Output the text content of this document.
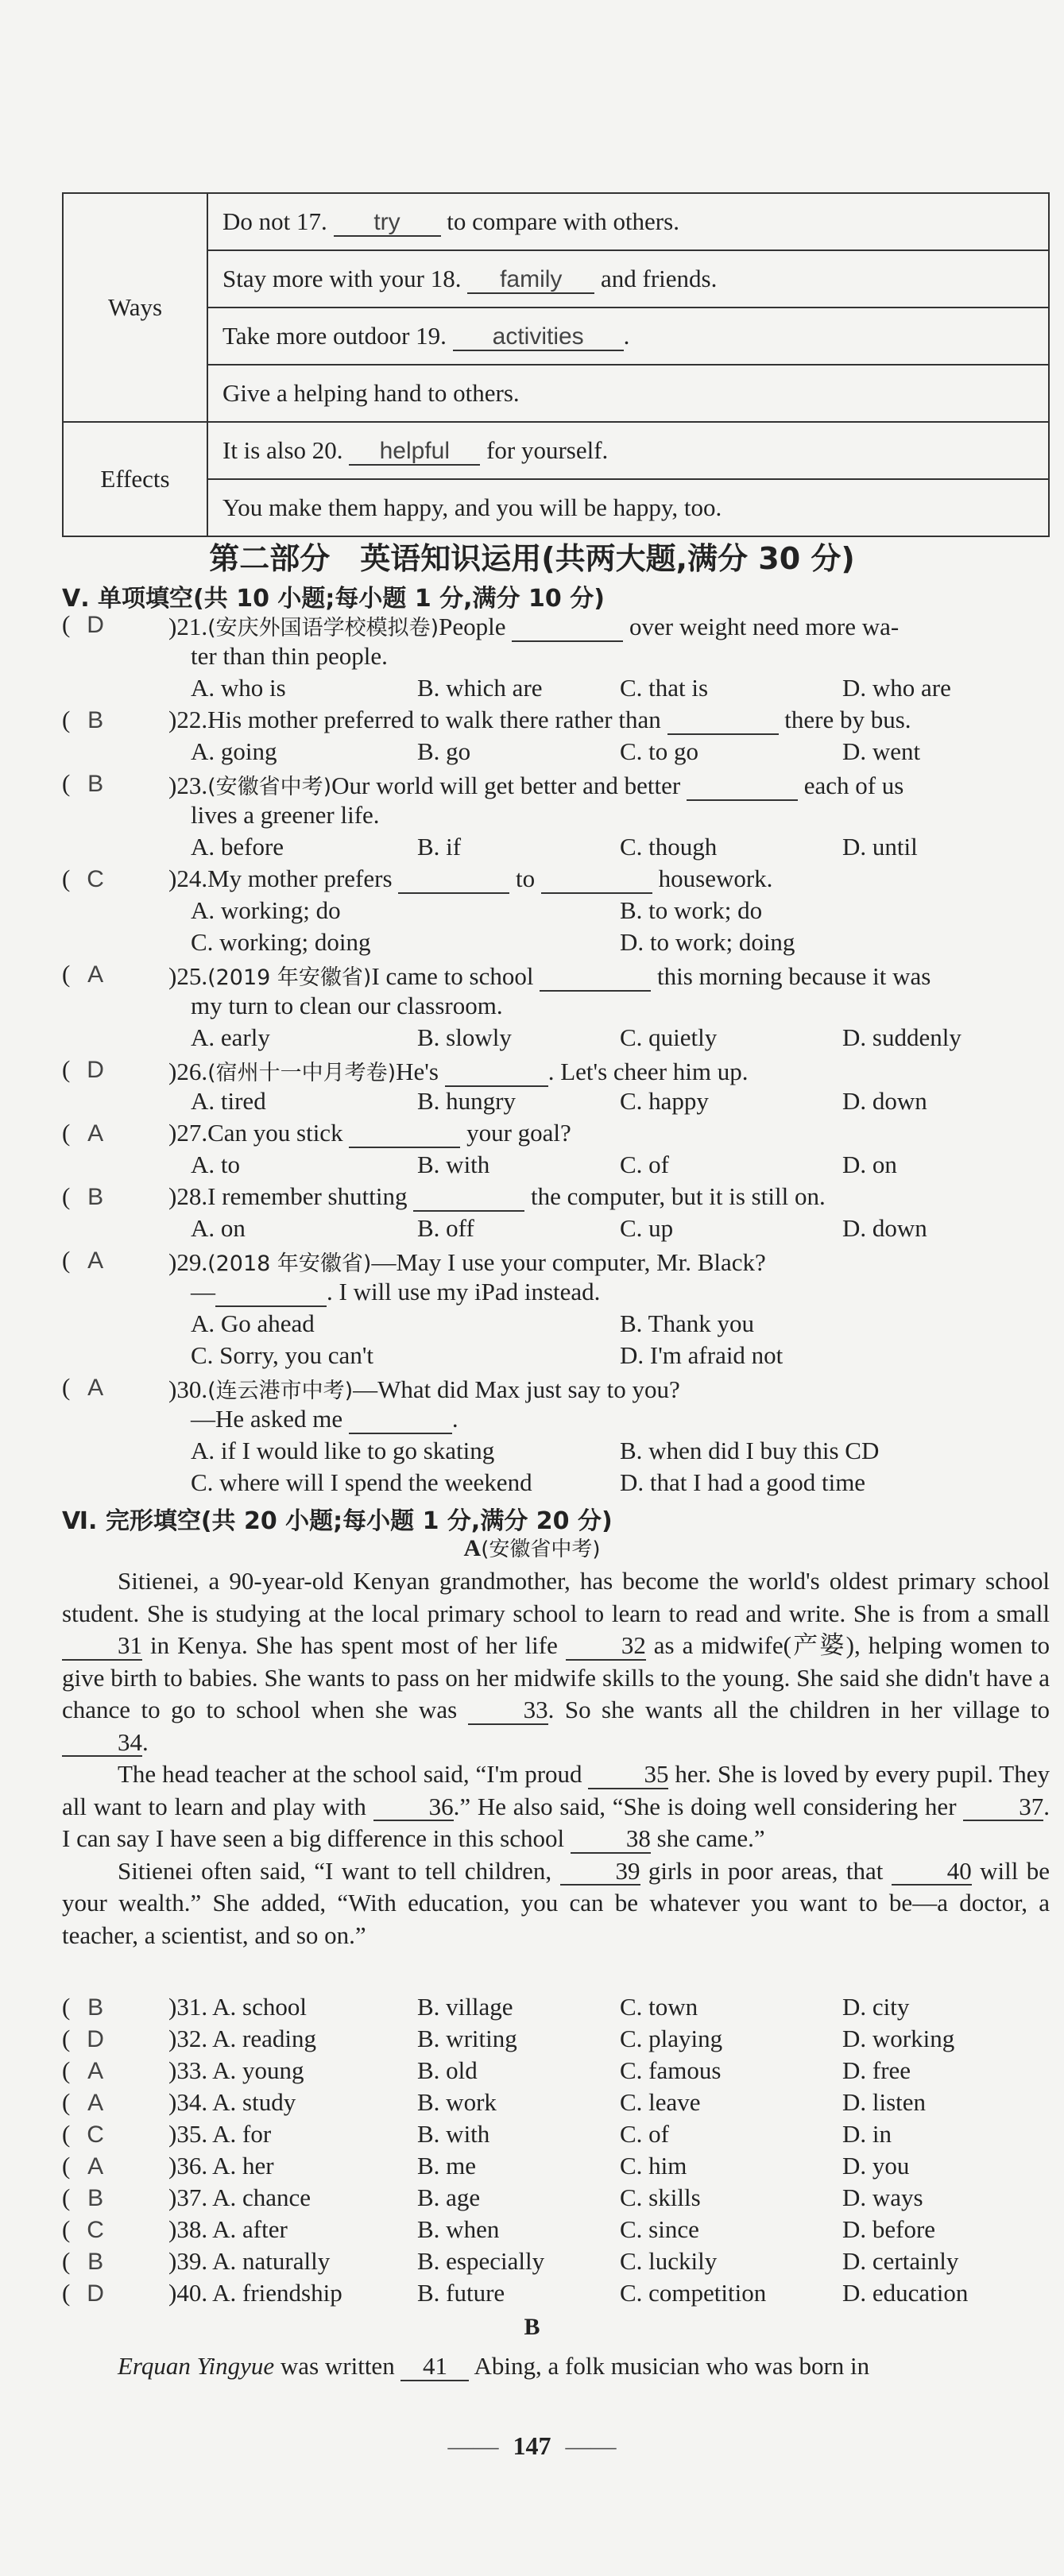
Ways	Do not 17. try to compare with others.
	Stay more with your 18. family and friends.
	Take more outdoor 19. activities .
	Give a helping hand to others.
Effects	It is also 20. helpful for yourself.
	You make them happy, and you will be happy, too.
第二部分　英语知识运用(共两大题,满分 30 分)
Ⅴ. 单项填空(共 10 小题;每小题 1 分,满分 10 分)
( D	)21.(安庆外国语学校模拟卷)People	over weight need more wa-
ter than thin people.
A. who is	B. which are	C. that is	D. who are
( B	)22.His mother preferred to walk there rather than	there by bus.
A. going	B. go	C. to go	D. went
( B	)23.(安徽省中考)Our world will get better and better	each of us
lives a greener life.
A. before	B. if	C. though	D. until
( C	)24.My mother prefers	to	housework.
A. working; do	B. to work; do
C. working; doing	D. to work; doing
( A	)25.(2019 年安徽省)I came to school	this morning because it was
my turn to clean our classroom.
A. early	B. slowly	C. quietly	D. suddenly
( D	)26.(宿州十一中月考卷)He's	. Let's cheer him up.
A. tired	B. hungry	C. happy	D. down
( A	)27.Can you stick	your goal?
A. to	B. with	C. of	D. on
( B	)28.I remember shutting	the computer, but it is still on.
A. on	B. off	C. up	D. down
( A	)29.(2018 年安徽省)—May I use your computer, Mr. Black?
—	. I will use my iPad instead.
A. Go ahead	B. Thank you
C. Sorry, you can't	D. I'm afraid not
( A	)30.(连云港市中考)—What did Max just say to you?
—He asked me	.
A. if I would like to go skating	B. when did I buy this CD
C. where will I spend the weekend	D. that I had a good time
Ⅵ. 完形填空(共 20 小题;每小题 1 分,满分 20 分)
A(安徽省中考)

Sitienei, a 90-year-old Kenyan grandmother, has become the world's oldest primary school student. She is studying at the local primary school to learn to read and write. She is from a small 31 in Kenya. She has spent most of her life 32 as a midwife(产婆), helping women to give birth to babies. She wants to pass on her midwife skills to the young. She said she didn't have a chance to go to school when she was 33. So she wants all the children in her village to 34.

The head teacher at the school said, “I'm proud 35 her. She is loved by every pupil. They all want to learn and play with 36.” He also said, “She is doing well considering her 37. I can say I have seen a big difference in this school 38 she came.”

Sitienei often said, “I want to tell children, 39 girls in poor areas, that 40 will be your wealth.” She added, “With education, you can be whatever you want to be—a doctor, a teacher, a scientist, and so on.”

( B	)31. A. school	B. village	C. town	D. city
( D	)32. A. reading	B. writing	C. playing	D. working
( A	)33. A. young	B. old	C. famous	D. free
( A	)34. A. study	B. work	C. leave	D. listen
( C	)35. A. for	B. with	C. of	D. in
( A	)36. A. her	B. me	C. him	D. you
( B	)37. A. chance	B. age	C. skills	D. ways
( C	)38. A. after	B. when	C. since	D. before
( B	)39. A. naturally	B. especially	C. luckily	D. certainly
( D	)40. A. friendship	B. future	C. competition	D. education
B
Erquan Yingyue was written 41 Abing, a folk musician who was born in
—— 147 ——
